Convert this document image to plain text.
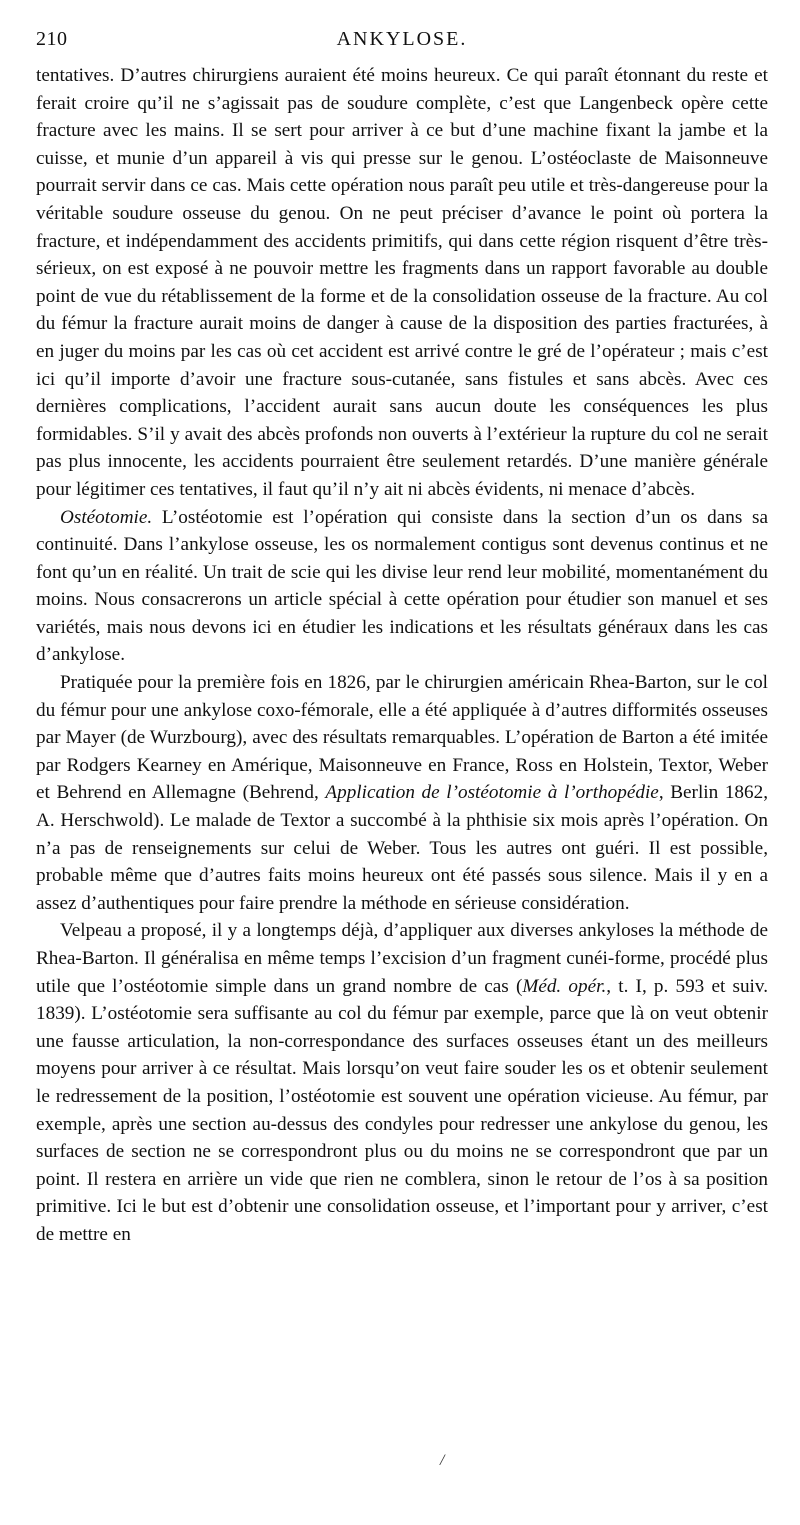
210	ANKYLOSE.

tentatives. D’autres chirurgiens auraient été moins heureux. Ce qui paraît étonnant du reste et ferait croire qu’il ne s’agissait pas de soudure complète, c’est que Langenbeck opère cette fracture avec les mains. Il se sert pour arriver à ce but d’une machine fixant la jambe et la cuisse, et munie d’un appareil à vis qui presse sur le genou. L’ostéoclaste de Maisonneuve pourrait servir dans ce cas. Mais cette opération nous paraît peu utile et très-dangereuse pour la véritable soudure osseuse du genou. On ne peut préciser d’avance le point où portera la fracture, et indépendamment des accidents primitifs, qui dans cette région risquent d’être très-sérieux, on est exposé à ne pouvoir mettre les fragments dans un rapport favorable au double point de vue du rétablissement de la forme et de la consolidation osseuse de la fracture. Au col du fémur la fracture aurait moins de danger à cause de la disposition des parties fracturées, à en juger du moins par les cas où cet accident est arrivé contre le gré de l’opérateur ; mais c’est ici qu’il importe d’avoir une fracture sous-cutanée, sans fistules et sans abcès. Avec ces dernières complications, l’accident aurait sans aucun doute les conséquences les plus formidables. S’il y avait des abcès profonds non ouverts à l’extérieur la rupture du col ne serait pas plus innocente, les accidents pourraient être seulement retardés. D’une manière générale pour légitimer ces tentatives, il faut qu’il n’y ait ni abcès évidents, ni menace d’abcès.

Ostéotomie. L’ostéotomie est l’opération qui consiste dans la section d’un os dans sa continuité. Dans l’ankylose osseuse, les os normalement contigus sont devenus continus et ne font qu’un en réalité. Un trait de scie qui les divise leur rend leur mobilité, momentanément du moins. Nous consacrerons un article spécial à cette opération pour étudier son manuel et ses variétés, mais nous devons ici en étudier les indications et les résultats généraux dans les cas d’ankylose.

Pratiquée pour la première fois en 1826, par le chirurgien américain Rhea-Barton, sur le col du fémur pour une ankylose coxo-fémorale, elle a été appliquée à d’autres difformités osseuses par Mayer (de Wurzbourg), avec des résultats remarquables. L’opération de Barton a été imitée par Rodgers Kearney en Amérique, Maisonneuve en France, Ross en Holstein, Textor, Weber et Behrend en Allemagne (Behrend, Application de l’ostéotomie à l’orthopédie, Berlin 1862, A. Herschwold). Le malade de Textor a succombé à la phthisie six mois après l’opération. On n’a pas de renseignements sur celui de Weber. Tous les autres ont guéri. Il est possible, probable même que d’autres faits moins heureux ont été passés sous silence. Mais il y en a assez d’authentiques pour faire prendre la méthode en sérieuse considération.

Velpeau a proposé, il y a longtemps déjà, d’appliquer aux diverses ankyloses la méthode de Rhea-Barton. Il généralisa en même temps l’excision d’un fragment cunéi-forme, procédé plus utile que l’ostéotomie simple dans un grand nombre de cas (Méd. opér., t. I, p. 593 et suiv. 1839). L’ostéotomie sera suffisante au col du fémur par exemple, parce que là on veut obtenir une fausse articulation, la non-correspondance des surfaces osseuses étant un des meilleurs moyens pour arriver à ce résultat. Mais lorsqu’on veut faire souder les os et obtenir seulement le redressement de la position, l’ostéotomie est souvent une opération vicieuse. Au fémur, par exemple, après une section au-dessus des condyles pour redresser une ankylose du genou, les surfaces de section ne se correspondront plus ou du moins ne se correspondront que par un point. Il restera en arrière un vide que rien ne comblera, sinon le retour de l’os à sa position primitive. Ici le but est d’obtenir une consolidation osseuse, et l’important pour y arriver, c’est de mettre en

/
